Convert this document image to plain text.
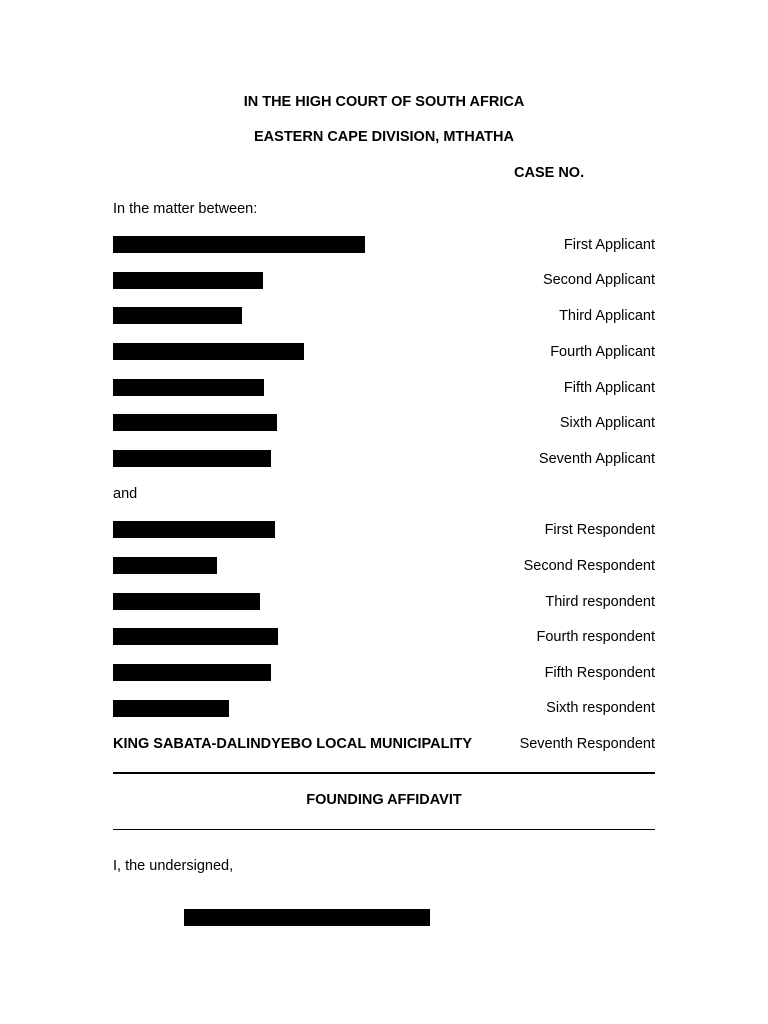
IN THE HIGH COURT OF SOUTH AFRICA
EASTERN CAPE DIVISION, MTHATHA
CASE NO.
In the matter between:
First Applicant
Second Applicant
Third Applicant
Fourth Applicant
Fifth Applicant
Sixth Applicant
Seventh Applicant
and
First Respondent
Second Respondent
Third respondent
Fourth respondent
Fifth Respondent
Sixth respondent
KING SABATA-DALINDYEBO LOCAL MUNICIPALITY	Seventh Respondent
FOUNDING AFFIDAVIT
I, the undersigned,
